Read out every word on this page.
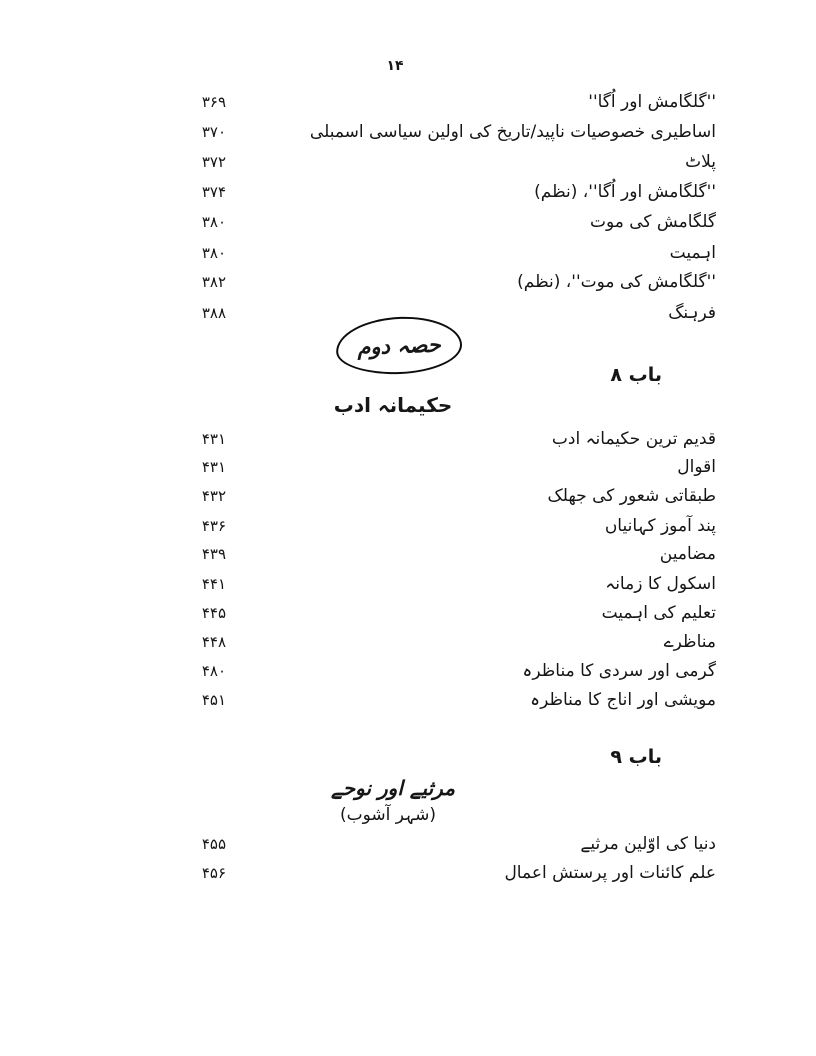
۱۴
''گلگامش اور اُگا''
۳۶۹
اساطیری خصوصیات ناپید/تاریخ کی اولین سیاسی اسمبلی
۳۷۰
پلاٹ
۳۷۲
''گلگامش اور اُگا''، (نظم)
۳۷۴
گلگامش کی موت
۳۸۰
اہمیت
۳۸۰
''گلگامش کی موت''، (نظم)
۳۸۲
فرہنگ
۳۸۸
حصہ دوم
باب ۸
حکیمانہ ادب
قدیم ترین حکیمانہ ادب
۴۳۱
اقوال
۴۳۱
طبقاتی شعور کی جھلک
۴۳۲
پند آموز کہانیاں
۴۳۶
مضامین
۴۳۹
اسکول کا زمانہ
۴۴۱
تعلیم کی اہمیت
۴۴۵
مناظرے
۴۴۸
گرمی اور سردی کا مناظرہ
۴۸۰
مویشی اور اناج کا مناظرہ
۴۵۱
باب ۹
مرثیے اور نوحے
(شہر آشوب)
دنیا کی اوّلین مرثیے
۴۵۵
علم کائنات اور پرستش اعمال
۴۵۶
